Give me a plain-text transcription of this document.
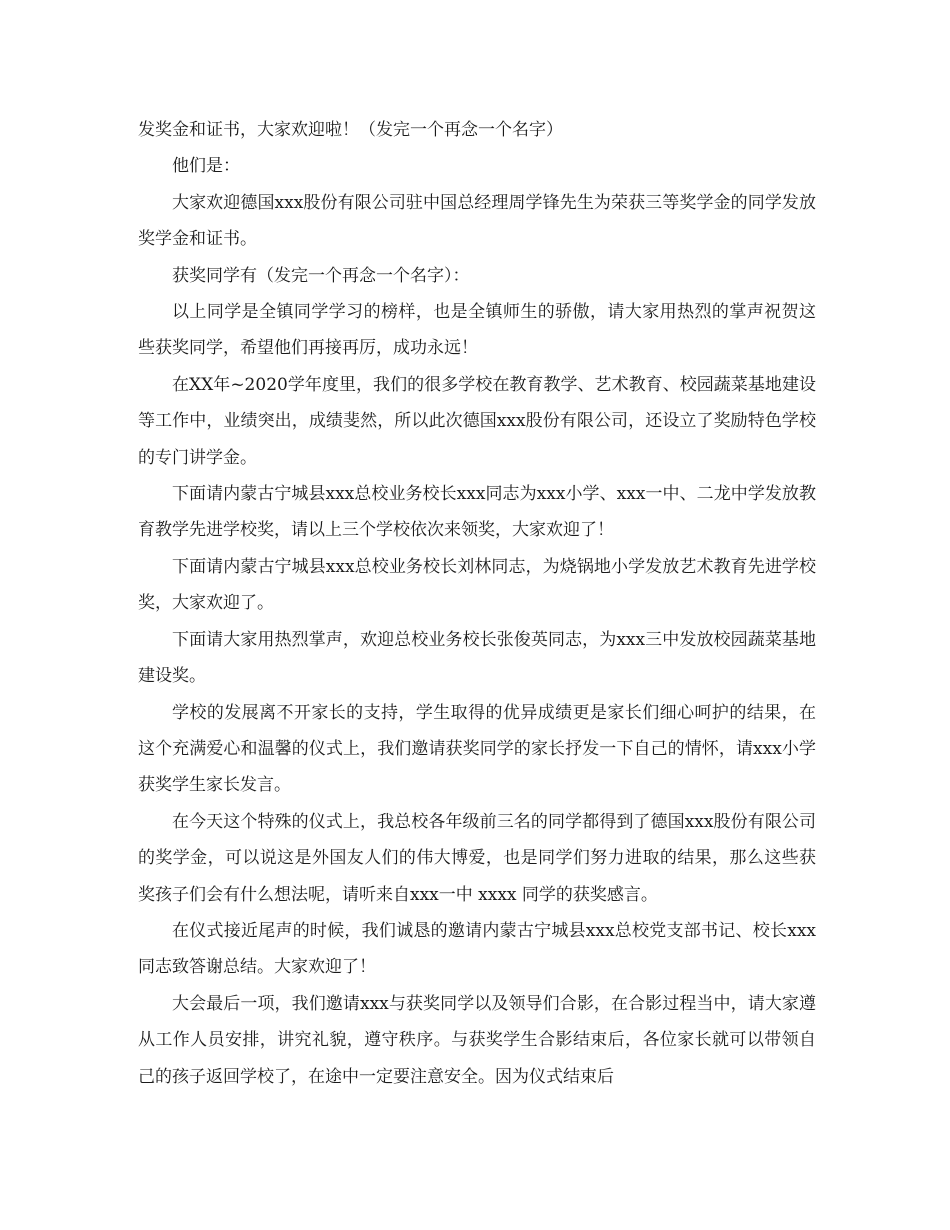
发奖金和证书，大家欢迎啦！（发完一个再念一个名字）

他们是：

大家欢迎德国xxx股份有限公司驻中国总经理周学锋先生为荣获三等奖学金的同学发放奖学金和证书。

获奖同学有（发完一个再念一个名字）：

以上同学是全镇同学学习的榜样，也是全镇师生的骄傲，请大家用热烈的掌声祝贺这些获奖同学，希望他们再接再厉，成功永远！

在XX年~2020学年度里，我们的很多学校在教育教学、艺术教育、校园蔬菜基地建设等工作中，业绩突出，成绩斐然，所以此次德国xxx股份有限公司，还设立了奖励特色学校的专门讲学金。

下面请内蒙古宁城县xxx总校业务校长xxx同志为xxx小学、xxx一中、二龙中学发放教育教学先进学校奖，请以上三个学校依次来领奖，大家欢迎了！

下面请内蒙古宁城县xxx总校业务校长刘林同志，为烧锅地小学发放艺术教育先进学校奖，大家欢迎了。

下面请大家用热烈掌声，欢迎总校业务校长张俊英同志，为xxx三中发放校园蔬菜基地建设奖。

学校的发展离不开家长的支持，学生取得的优异成绩更是家长们细心呵护的结果，在这个充满爱心和温馨的仪式上，我们邀请获奖同学的家长抒发一下自己的情怀，请xxx小学获奖学生家长发言。

在今天这个特殊的仪式上，我总校各年级前三名的同学都得到了德国xxx股份有限公司的奖学金，可以说这是外国友人们的伟大博爱，也是同学们努力进取的结果，那么这些获奖孩子们会有什么想法呢，请听来自xxx一中 xxxx 同学的获奖感言。

在仪式接近尾声的时候，我们诚恳的邀请内蒙古宁城县xxx总校党支部书记、校长xxx同志致答谢总结。大家欢迎了！

大会最后一项，我们邀请xxx与获奖同学以及领导们合影，在合影过程当中，请大家遵从工作人员安排，讲究礼貌，遵守秩序。与获奖学生合影结束后，各位家长就可以带领自己的孩子返回学校了，在途中一定要注意安全。因为仪式结束后
